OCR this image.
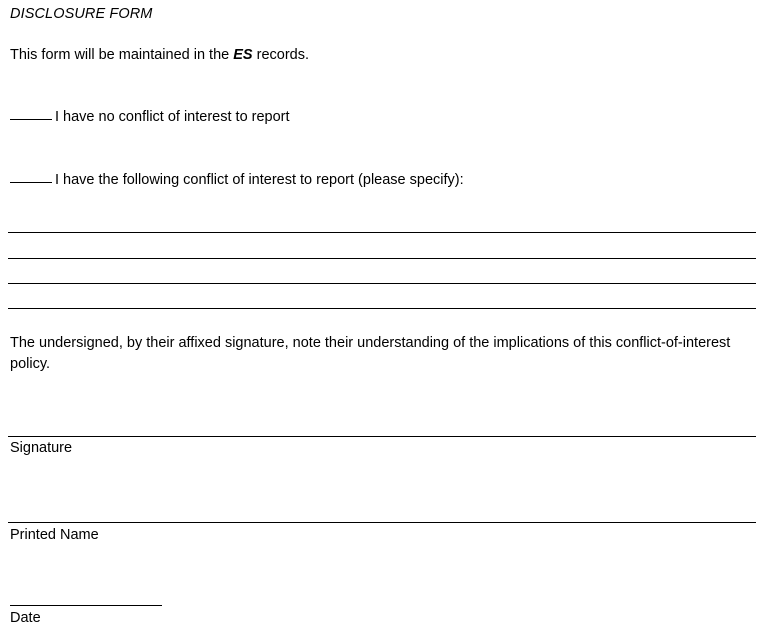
DISCLOSURE FORM
This form will be maintained in the ES records.
I have no conflict of interest to report
I have the following conflict of interest to report (please specify):
The undersigned, by their affixed signature, note their understanding of the implications of this conflict-of-interest policy.
Signature
Printed Name
Date
